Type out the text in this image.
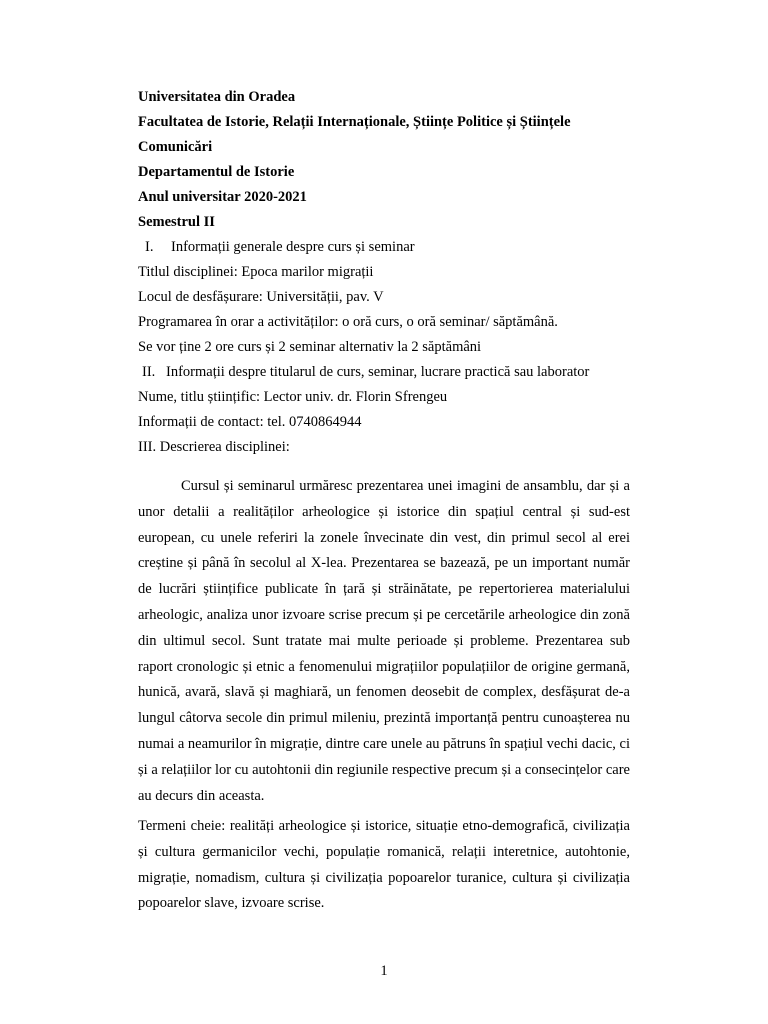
Universitatea din Oradea
Facultatea de Istorie, Relații Internaționale, Științe Politice și Științele
Comunicări
Departamentul de Istorie
Anul universitar 2020-2021
Semestrul II
I. Informații generale despre curs și seminar
Titlul disciplinei: Epoca marilor migrații
Locul de desfășurare: Universității, pav. V
Programarea în orar a activităților: o oră curs, o oră seminar/ săptămână.
Se vor ține 2 ore curs și 2 seminar alternativ la 2 săptămâni
II. Informații despre titularul de curs, seminar, lucrare practică sau laborator
Nume, titlu științific: Lector univ. dr. Florin Sfrengeu
Informații de contact: tel. 0740864944
III. Descrierea disciplinei:

Cursul și seminarul urmăresc prezentarea unei imagini de ansamblu, dar și a unor detalii a realităților arheologice și istorice din spațiul central și sud-est european, cu unele referiri la zonele învecinate din vest, din primul secol al erei creștine și până în secolul al X-lea. Prezentarea se bazează, pe un important număr de lucrări științifice publicate în țară și străinătate, pe repertorierea materialului arheologic, analiza unor izvoare scrise precum și pe cercetările arheologice din zonă din ultimul secol. Sunt tratate mai multe perioade și probleme. Prezentarea sub raport cronologic și etnic a fenomenului migrațiilor populațiilor de origine germană, hunică, avară, slavă și maghiară, un fenomen deosebit de complex, desfășurat de-a lungul câtorva secole din primul mileniu, prezintă importanță pentru cunoașterea nu numai a neamurilor în migrație, dintre care unele au pătruns în spațiul vechi dacic, ci și a relațiilor lor cu autohtonii din regiunile respective precum și a consecințelor care au decurs din aceasta.

Termeni cheie: realități arheologice și istorice, situație etno-demografică, civilizația și cultura germanicilor vechi, populație romanică, relații interetnice, autohtonie, migrație, nomadism, cultura și civilizația popoarelor turanice, cultura și civilizația popoarelor slave, izvoare scrise.

1
